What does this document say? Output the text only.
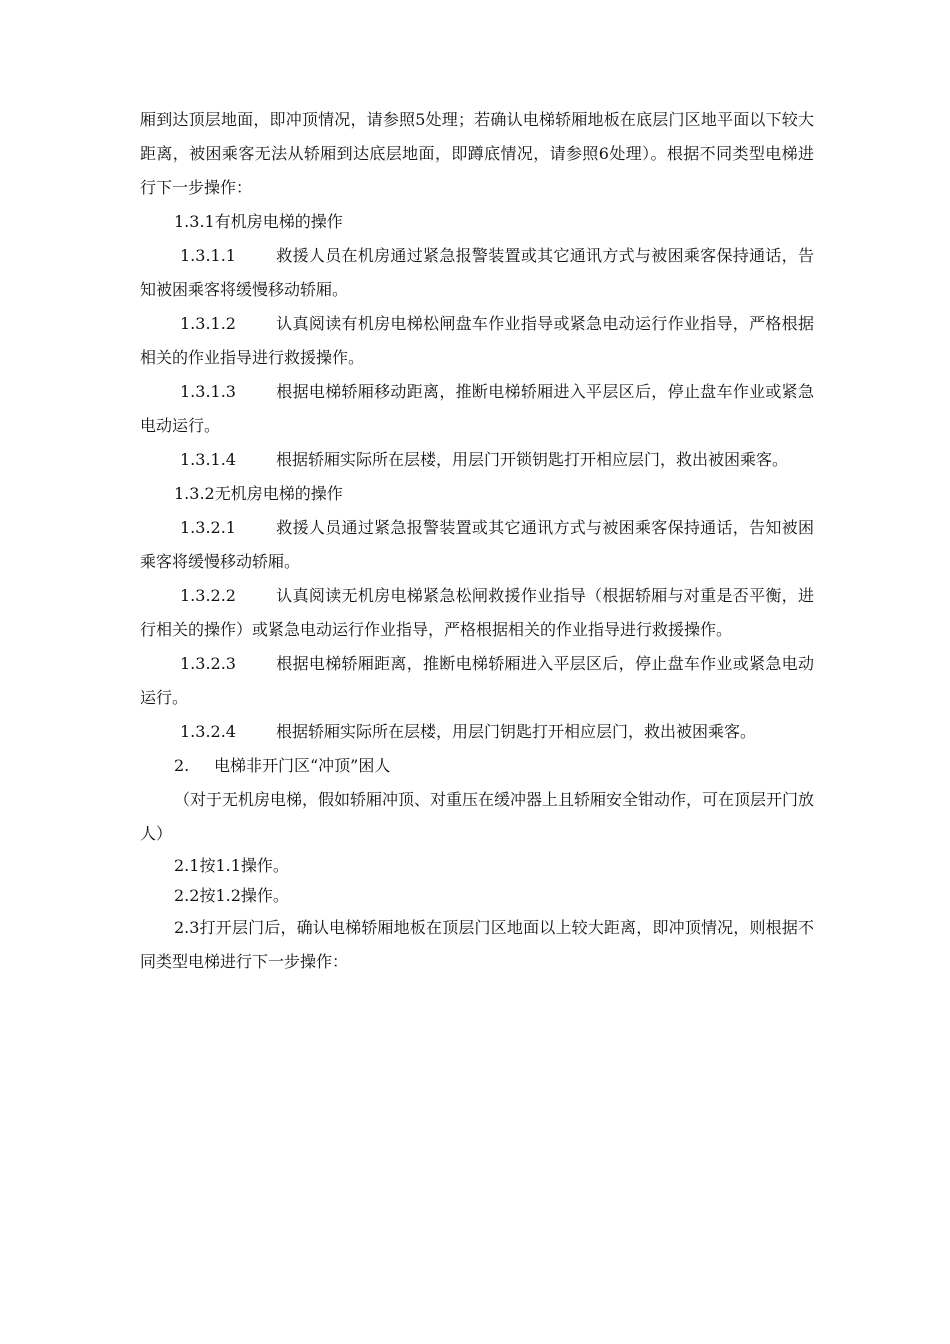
厢到达顶层地面，即冲顶情况，请参照5处理；若确认电梯轿厢地板在底层门区地平面以下较大距离，被困乘客无法从轿厢到达底层地面，即蹲底情况，请参照6处理）。根据不同类型电梯进行下一步操作：

1.3.1有机房电梯的操作

1.3.1.1	救援人员在机房通过紧急报警装置或其它通讯方式与被困乘客保持通话，告知被困乘客将缓慢移动轿厢。

1.3.1.2	认真阅读有机房电梯松闸盘车作业指导或紧急电动运行作业指导，严格根据相关的作业指导进行救援操作。

1.3.1.3	根据电梯轿厢移动距离，推断电梯轿厢进入平层区后，停止盘车作业或紧急电动运行。

1.3.1.4	根据轿厢实际所在层楼，用层门开锁钥匙打开相应层门，救出被困乘客。

1.3.2无机房电梯的操作

1.3.2.1	救援人员通过紧急报警装置或其它通讯方式与被困乘客保持通话，告知被困乘客将缓慢移动轿厢。

1.3.2.2	认真阅读无机房电梯紧急松闸救援作业指导（根据轿厢与对重是否平衡，进行相关的操作）或紧急电动运行作业指导，严格根据相关的作业指导进行救援操作。

1.3.2.3	根据电梯轿厢距离，推断电梯轿厢进入平层区后，停止盘车作业或紧急电动运行。

1.3.2.4	根据轿厢实际所在层楼，用层门钥匙打开相应层门，救出被困乘客。

2. 电梯非开门区“冲顶”困人

（对于无机房电梯，假如轿厢冲顶、对重压在缓冲器上且轿厢安全钳动作，可在顶层开门放人）

2.1按1.1操作。

2.2按1.2操作。

2.3打开层门后，确认电梯轿厢地板在顶层门区地面以上较大距离，即冲顶情况，则根据不同类型电梯进行下一步操作：
